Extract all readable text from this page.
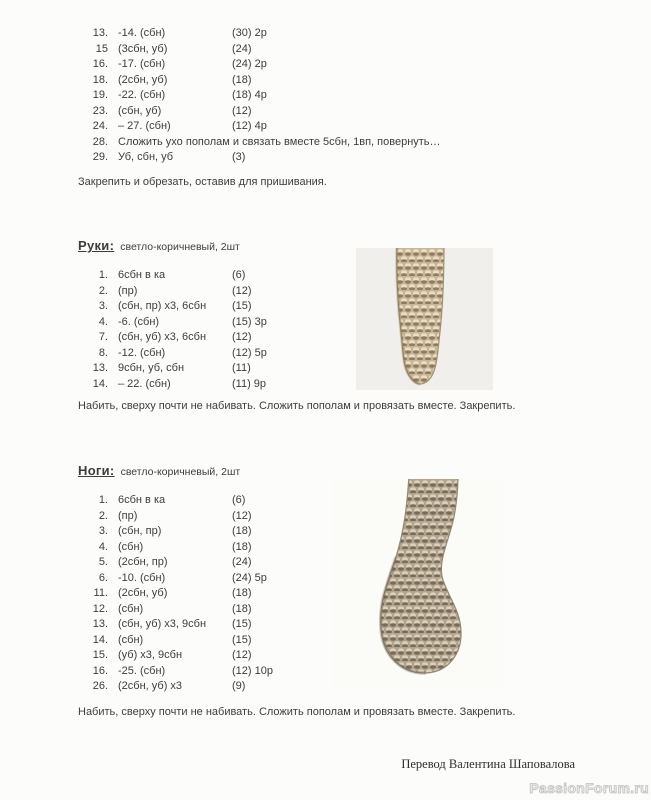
13. -14. (сбн)	(30) 2р
15 (3сбн, уб)	(24)
16. -17. (сбн)	(24) 2р
18. (2сбн, уб)	(18)
19. -22. (сбн)	(18) 4р
23. (сбн, уб)	(12)
24. – 27. (сбн)	(12) 4р
28. Сложить ухо пополам и связать вместе 5сбн, 1вп, повернуть…
29. Уб, сбн, уб	(3)
Закрепить и обрезать, оставив для пришивания.
Руки: светло-коричневый, 2шт
1. 6сбн в ка	(6)
2. (пр)	(12)
3. (сбн, пр) х3, 6сбн (15)
4. -6. (сбн)	(15) 3р
7. (сбн, уб) х3, 6сбн (12)
8. -12. (сбн)	(12) 5р
13. 9сбн, уб, сбн	(11)
14. – 22. (сбн)	(11) 9р
Набить, сверху почти не набивать. Сложить пополам и провязать вместе. Закрепить.
Ноги: светло-коричневый, 2шт
1. 6сбн в ка	(6)
2. (пр)	(12)
3. (сбн, пр)	(18)
4. (сбн)	(18)
5. (2сбн, пр)	(24)
6. -10. (сбн)	(24) 5р
11. (2сбн, уб)	(18)
12. (сбн)	(18)
13. (сбн, уб) х3, 9сбн (15)
14. (сбн)	(15)
15. (уб) х3, 9сбн	(12)
16. -25. (сбн)	(12) 10р
26. (2сбн, уб) х3	(9)
Набить, сверху почти не набивать. Сложить пополам и провязать вместе. Закрепить.
Перевод Валентина Шаповалова
PassionForum.ru
